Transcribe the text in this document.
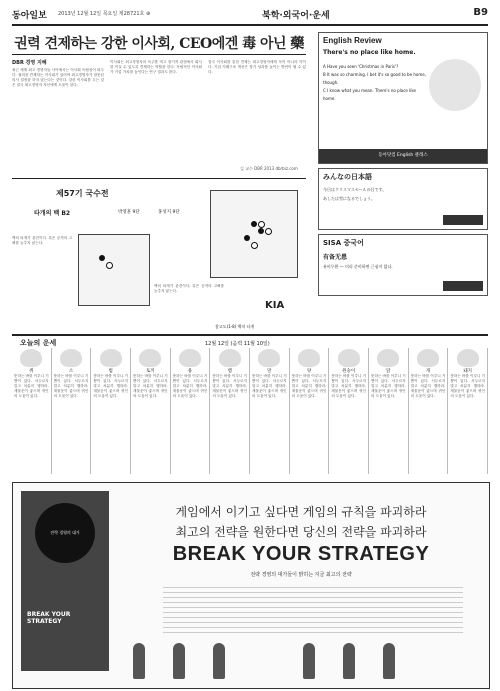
동아일보 2013년 12월 12일 목요일 제28721호 ⊕	북학·외국어·운세	B9
권력 견제하는 강한 이사회, CEO에겐 毒 아닌 藥
DBR 경영 지혜
최근 세계 최고 경영자들 사이에서는 이사회 독립성이 화두다. 권력을 견제하는 이사회가 있어야 최고경영자가 잘못된 의사 결정을 하지 않는다는 것이다. 강한 이사회를 두는 것은 결국 최고경영자 자신에게 도움이 된다.
이사회는 최고경영자의 독주를 막고 장기적 관점에서 회사를 이끌 수 있도록 견제하는 역할을 한다. 독립적인 이사회가 기업 가치를 높인다는 연구 결과도 많다.
결국 이사회를 통한 견제는 최고경영자에게 독이 아니라 약이다. 기업 지배구조 개선은 장기 성과를 높이는 방안이 될 수 있다.
김 교수 DBR 2013 dbrbiz.com
English Review
There's no place like home.
A Have you seen 'Christmas in Paris'?
B It was so charming. I bet it's so good to be home, though.
C I know what you mean. There's no place like home.
동아닷컴 English 클래스
みんなの日本語
今日はクリスマスセールの日です。
あしたは雪になるでしょう。
SISA 중국어
有备无患
유비무환 — 미리 준비하면 근심이 없다.
제57기 국수전
타개의 백 B2	박영훈 9단	홍성지 9단
백의 타개가 관건이다. 흑은 공격의 고삐를 늦추지 않는다.
백의 타개가 관건이다. 흑은 공격의 고삐를 늦추지 않는다.
참고도(1-8) 백의 타개
KIA
오늘의 운세	12월 12일 (음력 11월 10일)
쥐
뜻하는 바를 이루니 기쁨이 있다. 서두르지 말고 차분히 행하라. 재물운이 좋으며 귀인의 도움이 있다.
소
뜻하는 바를 이루니 기쁨이 있다. 서두르지 말고 차분히 행하라. 재물운이 좋으며 귀인의 도움이 있다.
범
뜻하는 바를 이루니 기쁨이 있다. 서두르지 말고 차분히 행하라. 재물운이 좋으며 귀인의 도움이 있다.
토끼
뜻하는 바를 이루니 기쁨이 있다. 서두르지 말고 차분히 행하라. 재물운이 좋으며 귀인의 도움이 있다.
용
뜻하는 바를 이루니 기쁨이 있다. 서두르지 말고 차분히 행하라. 재물운이 좋으며 귀인의 도움이 있다.
뱀
뜻하는 바를 이루니 기쁨이 있다. 서두르지 말고 차분히 행하라. 재물운이 좋으며 귀인의 도움이 있다.
말
뜻하는 바를 이루니 기쁨이 있다. 서두르지 말고 차분히 행하라. 재물운이 좋으며 귀인의 도움이 있다.
양
뜻하는 바를 이루니 기쁨이 있다. 서두르지 말고 차분히 행하라. 재물운이 좋으며 귀인의 도움이 있다.
원숭이
뜻하는 바를 이루니 기쁨이 있다. 서두르지 말고 차분히 행하라. 재물운이 좋으며 귀인의 도움이 있다.
닭
뜻하는 바를 이루니 기쁨이 있다. 서두르지 말고 차분히 행하라. 재물운이 좋으며 귀인의 도움이 있다.
개
뜻하는 바를 이루니 기쁨이 있다. 서두르지 말고 차분히 행하라. 재물운이 좋으며 귀인의 도움이 있다.
돼지
뜻하는 바를 이루니 기쁨이 있다. 서두르지 말고 차분히 행하라. 재물운이 좋으며 귀인의 도움이 있다.
전략 경영의 대가
BREAK YOUR STRATEGY
게임에서 이기고 싶다면 게임의 규칙을 파괴하라
최고의 전략을 원한다면 당신의 전략을 파괴하라
BREAK YOUR STRATEGY
전략 경영의 대가들이 밝히는 지금 최고의 전략
